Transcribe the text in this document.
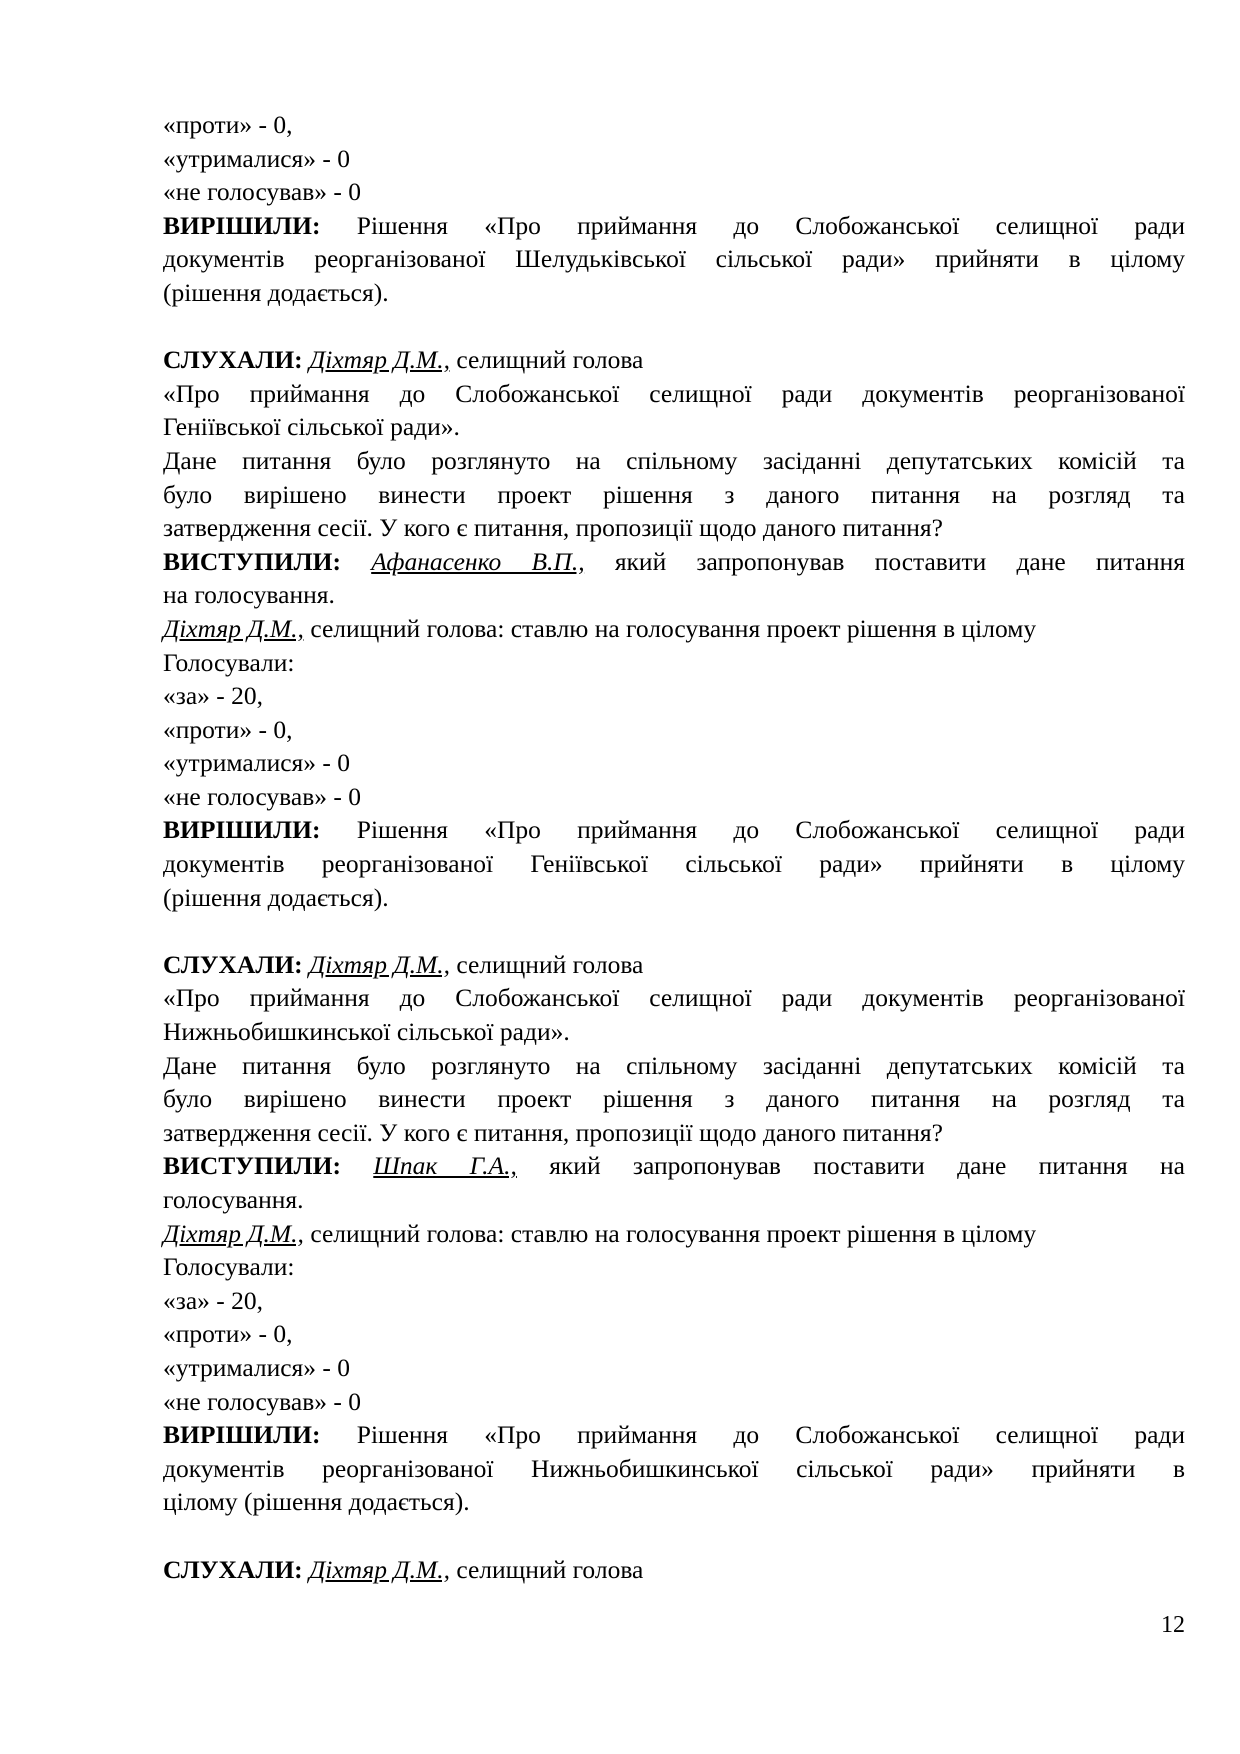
«проти» - 0,
«утрималися» - 0
«не голосував» - 0
ВИРІШИЛИ: Рішення «Про приймання до Слобожанської селищної ради
документів реорганізованої Шелудьківської сільської ради» прийняти в цілому
(рішення додається).
СЛУХАЛИ: Діхтяр Д.М., селищний голова
«Про приймання до Слобожанської селищної ради документів реорганізованої
Геніївської сільської ради».
Дане питання було розглянуто на спільному засіданні депутатських комісій та
було вирішено винести проект рішення з даного питання на розгляд та
затвердження сесії. У кого є питання, пропозиції щодо даного питання?
ВИСТУПИЛИ: Афанасенко В.П., який запропонував поставити дане питання
на голосування.
Діхтяр Д.М., селищний голова: ставлю на голосування проект рішення в цілому
Голосували:
«за» - 20,
«проти» - 0,
«утрималися» - 0
«не голосував» - 0
ВИРІШИЛИ: Рішення «Про приймання до Слобожанської селищної ради
документів реорганізованої Геніївської сільської ради» прийняти в цілому
(рішення додається).
СЛУХАЛИ: Діхтяр Д.М., селищний голова
«Про приймання до Слобожанської селищної ради документів реорганізованої
Нижньобишкинської сільської ради».
Дане питання було розглянуто на спільному засіданні депутатських комісій та
було вирішено винести проект рішення з даного питання на розгляд та
затвердження сесії. У кого є питання, пропозиції щодо даного питання?
ВИСТУПИЛИ: Шпак Г.А., який запропонував поставити дане питання на
голосування.
Діхтяр Д.М., селищний голова: ставлю на голосування проект рішення в цілому
Голосували:
«за» - 20,
«проти» - 0,
«утрималися» - 0
«не голосував» - 0
ВИРІШИЛИ: Рішення «Про приймання до Слобожанської селищної ради
документів реорганізованої Нижньобишкинської сільської ради» прийняти в
цілому (рішення додається).
СЛУХАЛИ: Діхтяр Д.М., селищний голова
12
